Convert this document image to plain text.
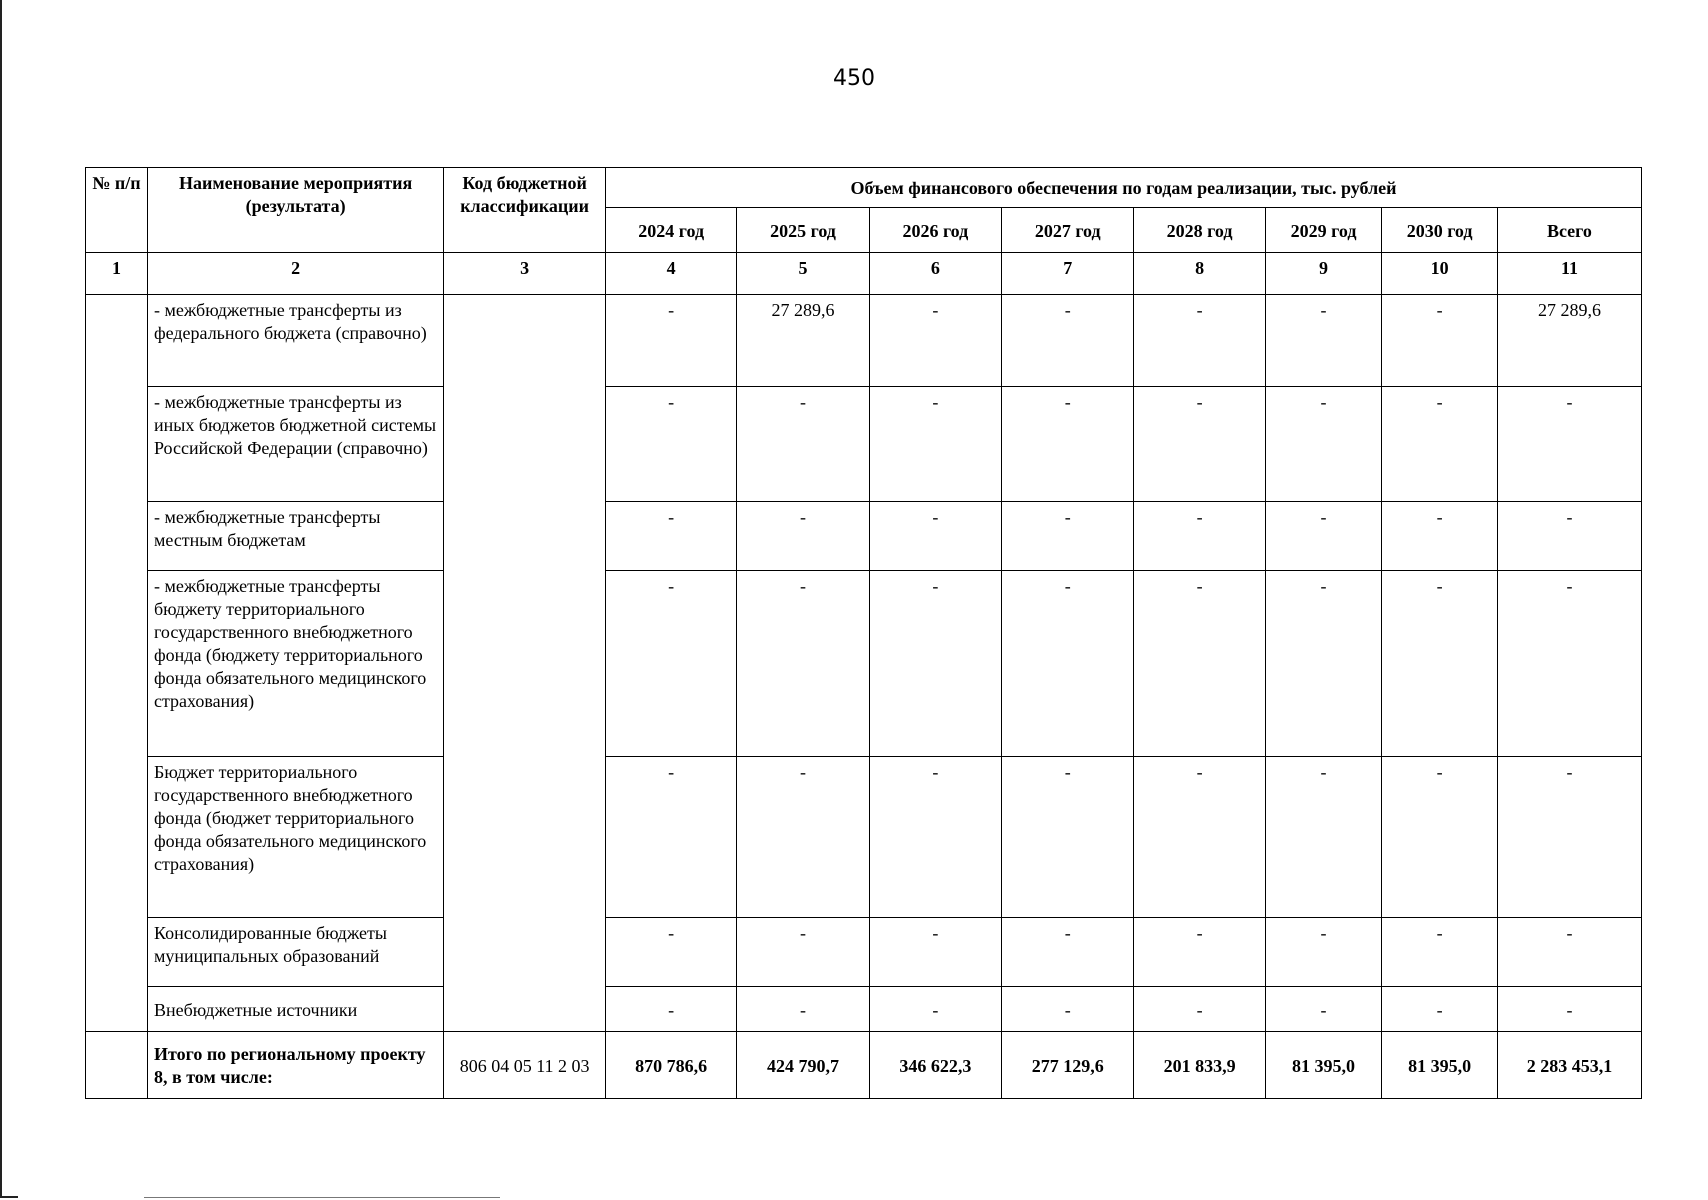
450
№ п/п	Наименование мероприятия (результата)	Код бюджетной классификации	Объем финансового обеспечения по годам реализации, тыс. рублей							
			2024 год	2025 год	2026 год	2027 год	2028 год	2029 год	2030 год	Всего
1	2	3	4	5	6	7	8	9	10	11
	- межбюджетные трансферты из федерального бюджета (справочно)		-	27 289,6	-	-	-	-	-	27 289,6
	- межбюджетные трансферты из иных бюджетов бюджетной системы Российской Федерации (справочно)		-	-	-	-	-	-	-	-
	- межбюджетные трансферты местным бюджетам		-	-	-	-	-	-	-	-
	- межбюджетные трансферты бюджету территориального государственного внебюджетного фонда (бюджету территориального фонда обязательного медицинского страхования)		-	-	-	-	-	-	-	-
	Бюджет территориального государственного внебюджетного фонда (бюджет территориального фонда обязательного медицинского страхования)		-	-	-	-	-	-	-	-
	Консолидированные бюджеты муниципальных образований		-	-	-	-	-	-	-	-
	Внебюджетные источники		-	-	-	-	-	-	-	-
	Итого по региональному проекту 8, в том числе:	806 04 05 11 2 03	870 786,6	424 790,7	346 622,3	277 129,6	201 833,9	81 395,0	81 395,0	2 283 453,1
